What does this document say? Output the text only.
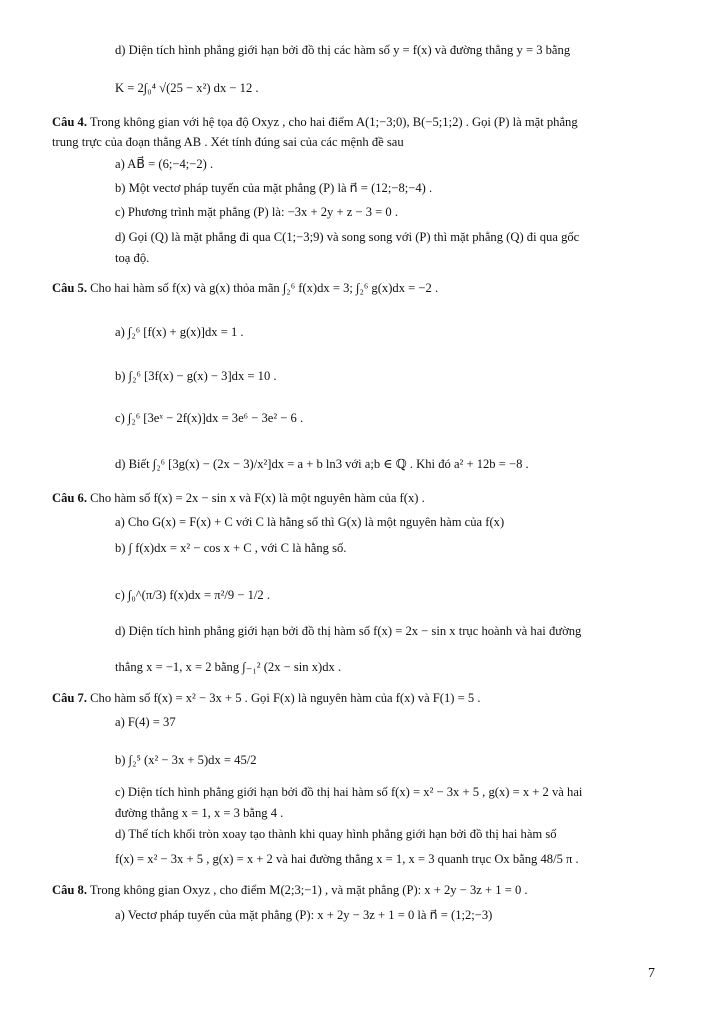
d) Diện tích hình phẳng giới hạn bởi đồ thị các hàm số y = f(x) và đường thẳng y = 3 bằng
K = 2∫₀⁴ √(25 − x²) dx − 12 .
Câu 4. Trong không gian với hệ tọa độ Oxyz , cho hai điểm A(1;−3;0), B(−5;1;2) . Gọi (P) là mặt phẳng
trung trực của đoạn thẳng AB . Xét tính đúng sai của các mệnh đề sau
a) AB⃗ = (6;−4;−2) .
b) Một vectơ pháp tuyến của mặt phẳng (P) là n⃗ = (12;−8;−4) .
c) Phương trình mặt phẳng (P) là: −3x + 2y + z − 3 = 0 .
d) Gọi (Q) là mặt phẳng đi qua C(1;−3;9) và song song với (P) thì mặt phẳng (Q) đi qua gốc
toạ độ.
Câu 5. Cho hai hàm số f(x) và g(x) thỏa mãn ∫₂⁶ f(x)dx = 3; ∫₂⁶ g(x)dx = −2 .
a) ∫₂⁶ [f(x) + g(x)]dx = 1 .
b) ∫₂⁶ [3f(x) − g(x) − 3]dx = 10 .
c) ∫₂⁶ [3eˣ − 2f(x)]dx = 3e⁶ − 3e² − 6 .
d) Biết ∫₂⁶ [3g(x) − (2x − 3)/x²]dx = a + b ln3 với a;b ∈ ℚ . Khi đó a² + 12b = −8 .
Câu 6. Cho hàm số f(x) = 2x − sin x và F(x) là một nguyên hàm của f(x) .
a) Cho G(x) = F(x) + C với C là hằng số thì G(x) là một nguyên hàm của f(x)
b) ∫ f(x)dx = x² − cos x + C , với C là hằng số.
c) ∫₀^(π/3) f(x)dx = π²/9 − 1/2 .
d) Diện tích hình phẳng giới hạn bởi đồ thị hàm số f(x) = 2x − sin x trục hoành và hai đường
thẳng x = −1, x = 2 bằng ∫₋₁² (2x − sin x)dx .
Câu 7. Cho hàm số f(x) = x² − 3x + 5 . Gọi F(x) là nguyên hàm của f(x) và F(1) = 5 .
a) F(4) = 37
b) ∫₂⁵ (x² − 3x + 5)dx = 45/2
c) Diện tích hình phẳng giới hạn bởi đồ thị hai hàm số f(x) = x² − 3x + 5 , g(x) = x + 2 và hai
đường thẳng x = 1, x = 3 bằng 4 .
d) Thể tích khối tròn xoay tạo thành khi quay hình phẳng giới hạn bởi đồ thị hai hàm số
f(x) = x² − 3x + 5 , g(x) = x + 2 và hai đường thẳng x = 1, x = 3 quanh trục Ox bằng 48/5 π .
Câu 8. Trong không gian Oxyz , cho điểm M(2;3;−1) , và mặt phẳng (P): x + 2y − 3z + 1 = 0 .
a) Vectơ pháp tuyến của mặt phẳng (P): x + 2y − 3z + 1 = 0 là n⃗ = (1;2;−3)
7
